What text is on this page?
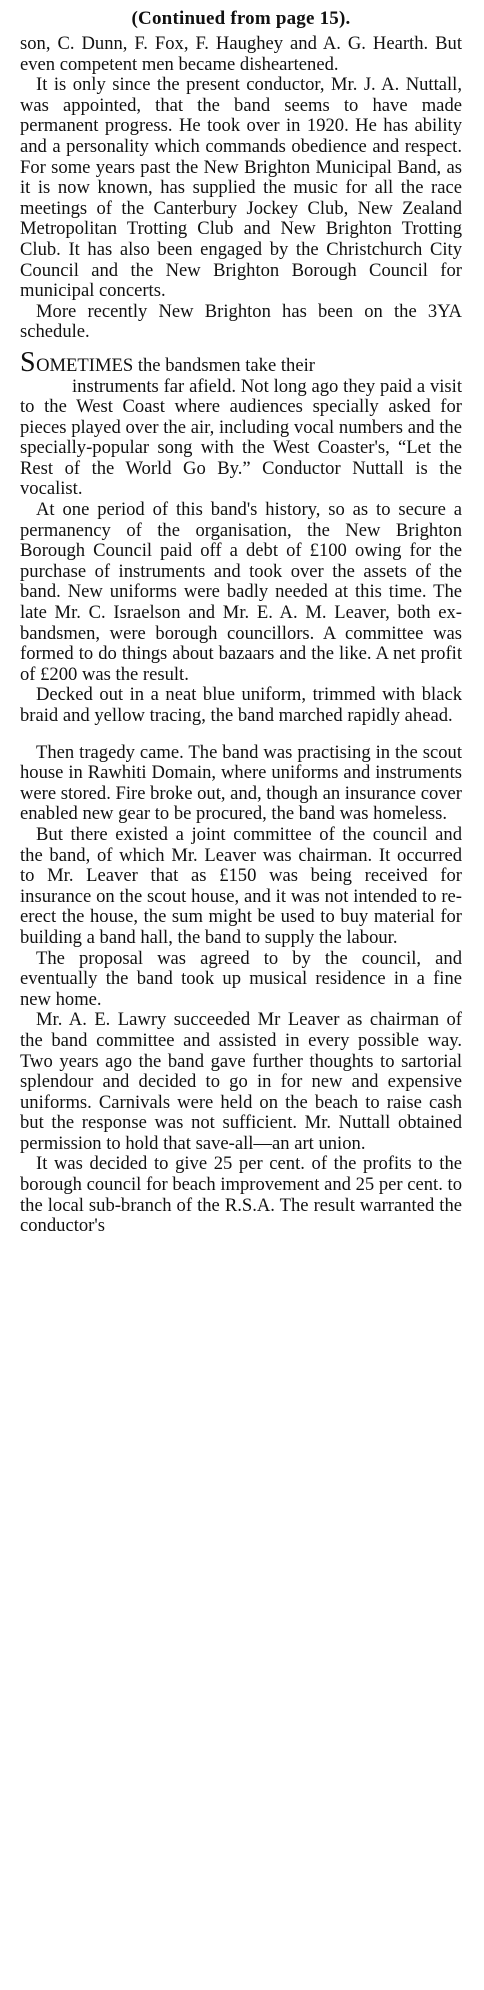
(Continued from page 15).

son, C. Dunn, F. Fox, F. Haughey and A. G. Hearth. But even competent men became disheartened.

It is only since the present conductor, Mr. J. A. Nuttall, was appointed, that the band seems to have made permanent progress. He took over in 1920. He has ability and a personality which commands obedience and respect. For some years past the New Brighton Municipal Band, as it is now known, has supplied the music for all the race meetings of the Canterbury Jockey Club, New Zealand Metropolitan Trotting Club and New Brighton Trotting Club. It has also been engaged by the Christchurch City Council and the New Brighton Borough Council for municipal concerts.

More recently New Brighton has been on the 3YA schedule.

SOMETIMES the bandsmen take their

instruments far afield. Not long ago they paid a visit to the West Coast where audiences specially asked for pieces played over the air, including vocal numbers and the specially-popular song with the West Coaster's, “Let the Rest of the World Go By.” Conductor Nuttall is the vocalist.

At one period of this band's history, so as to secure a permanency of the organisation, the New Brighton Borough Council paid off a debt of £100 owing for the purchase of instruments and took over the assets of the band. New uniforms were badly needed at this time. The late Mr. C. Israelson and Mr. E. A. M. Leaver, both ex-bandsmen, were borough councillors. A committee was formed to do things about bazaars and the like. A net profit of £200 was the result.

Decked out in a neat blue uniform, trimmed with black braid and yellow tracing, the band marched rapidly ahead.

Then tragedy came. The band was practising in the scout house in Rawhiti Domain, where uniforms and instruments were stored. Fire broke out, and, though an insurance cover enabled new gear to be procured, the band was homeless.

But there existed a joint committee of the council and the band, of which Mr. Leaver was chairman. It occurred to Mr. Leaver that as £150 was being received for insurance on the scout house, and it was not intended to re-erect the house, the sum might be used to buy material for building a band hall, the band to supply the labour.

The proposal was agreed to by the council, and eventually the band took up musical residence in a fine new home.

Mr. A. E. Lawry succeeded Mr Leaver as chairman of the band committee and assisted in every possible way. Two years ago the band gave further thoughts to sartorial splendour and decided to go in for new and expensive uniforms. Carnivals were held on the beach to raise cash but the response was not sufficient. Mr. Nuttall obtained permission to hold that save-all—an art union.

It was decided to give 25 per cent. of the profits to the borough council for beach improvement and 25 per cent. to the local sub-branch of the R.S.A. The result warranted the conductor's
